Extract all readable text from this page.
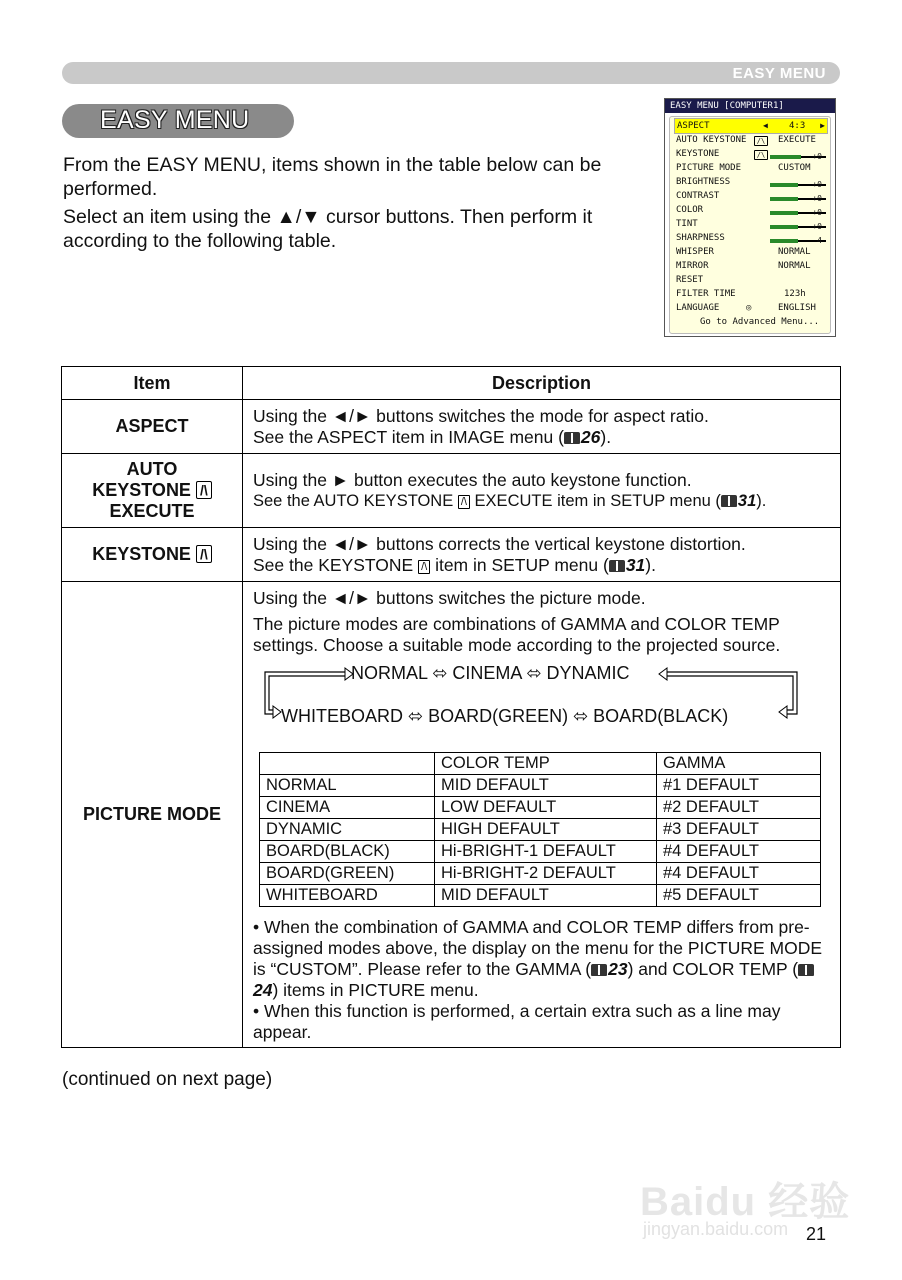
EASY MENU
EASY MENU

From the EASY MENU, items shown in the table below can be performed.

Select an item using the ▲/▼ cursor buttons. Then perform it according to the following table.

EASY MENU [COMPUTER1]
ASPECT	◀ 4:3 ▶
AUTO KEYSTONE	/\	EXECUTE
KEYSTONE	/\	+0
PICTURE MODE	CUSTOM
BRIGHTNESS	+0
CONTRAST	+0
COLOR	+0
TINT	+0
SHARPNESS	4
WHISPER	NORMAL
MIRROR	NORMAL
RESET
FILTER TIME	123h
LANGUAGE	◎	ENGLISH
Go to Advanced Menu...
Item	Description
ASPECT	

Using the ◄/► buttons switches the mode for aspect ratio.

See the ASPECT item in IMAGE menu ( 26).

AUTO
KEYSTONE /\
EXECUTE

Using the ► button executes the auto keystone function.

See the AUTO KEYSTONE /\ EXECUTE item in SETUP menu ( 31).

KEYSTONE /\	

Using the ◄/► buttons corrects the vertical keystone distortion.

See the KEYSTONE /\ item in SETUP menu ( 31).

PICTURE MODE	

Using the ◄/► buttons switches the picture mode.

The picture modes are combinations of GAMMA and COLOR TEMP settings. Choose a suitable mode according to the projected source.

NORMAL ⬄ CINEMA ⬄ DYNAMIC
WHITEBOARD ⬄ BOARD(GREEN) ⬄ BOARD(BLACK)
	COLOR TEMP	GAMMA
NORMAL	MID DEFAULT	#1 DEFAULT
CINEMA	LOW DEFAULT	#2 DEFAULT
DYNAMIC	HIGH DEFAULT	#3 DEFAULT
BOARD(BLACK)	Hi-BRIGHT-1 DEFAULT	#4 DEFAULT
BOARD(GREEN)	Hi-BRIGHT-2 DEFAULT	#4 DEFAULT
WHITEBOARD	MID DEFAULT	#5 DEFAULT

• When the combination of GAMMA and COLOR TEMP differs from pre-assigned modes above, the display on the menu for the PICTURE MODE is “CUSTOM”. Please refer to the GAMMA ( 23) and COLOR TEMP (24) items in PICTURE menu.

• When this function is performed, a certain extra such as a line may appear.

(continued on next page)
Baidu 经验
jingyan.baidu.com 21
